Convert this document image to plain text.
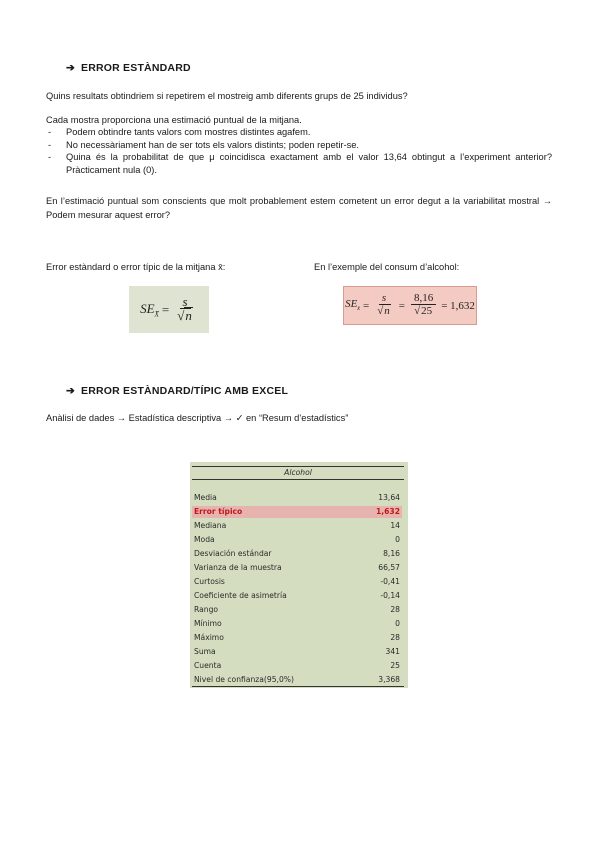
➔ ERROR ESTÀNDARD
Quins resultats obtindriem si repetirem el mostreig amb diferents grups de 25 individus?
Cada mostra proporciona una estimació puntual de la mitjana.
- Podem obtindre tants valors com mostres distintes agafem.
- No necessàriament han de ser tots els valors distints; poden repetir-se.
- Quina és la probabilitat de que μ coincidisca exactament amb el valor 13,64 obtingut a l’experiment anterior? Pràcticament nula (0).
En l’estimació puntual som conscients que molt probablement estem cometent un error degut a la variabilitat mostral → Podem mesurar aquest error?
Error estàndard o error típic de la mitjana x̄:	En l’exemple del consum d’alcohol:
$SE_{X̄} = \frac{s}{√n}$	$SE_{x̄} = \frac{s}{√n} = \frac{8,16}{√25} = 1,632$
➔ ERROR ESTÀNDARD/TÍPIC AMB EXCEL
Anàlisi de dades → Estadística descriptiva → ✓ en “Resum d’estadístics”
Alcohol
Media	13,64
Error típico	1,632
Mediana	14
Moda	0
Desviación estándar	8,16
Varianza de la muestra	66,57
Curtosis	-0,41
Coeficiente de asimetría	-0,14
Rango	28
Mínimo	0
Máximo	28
Suma	341
Cuenta	25
Nivel de confianza(95,0%)	3,368
